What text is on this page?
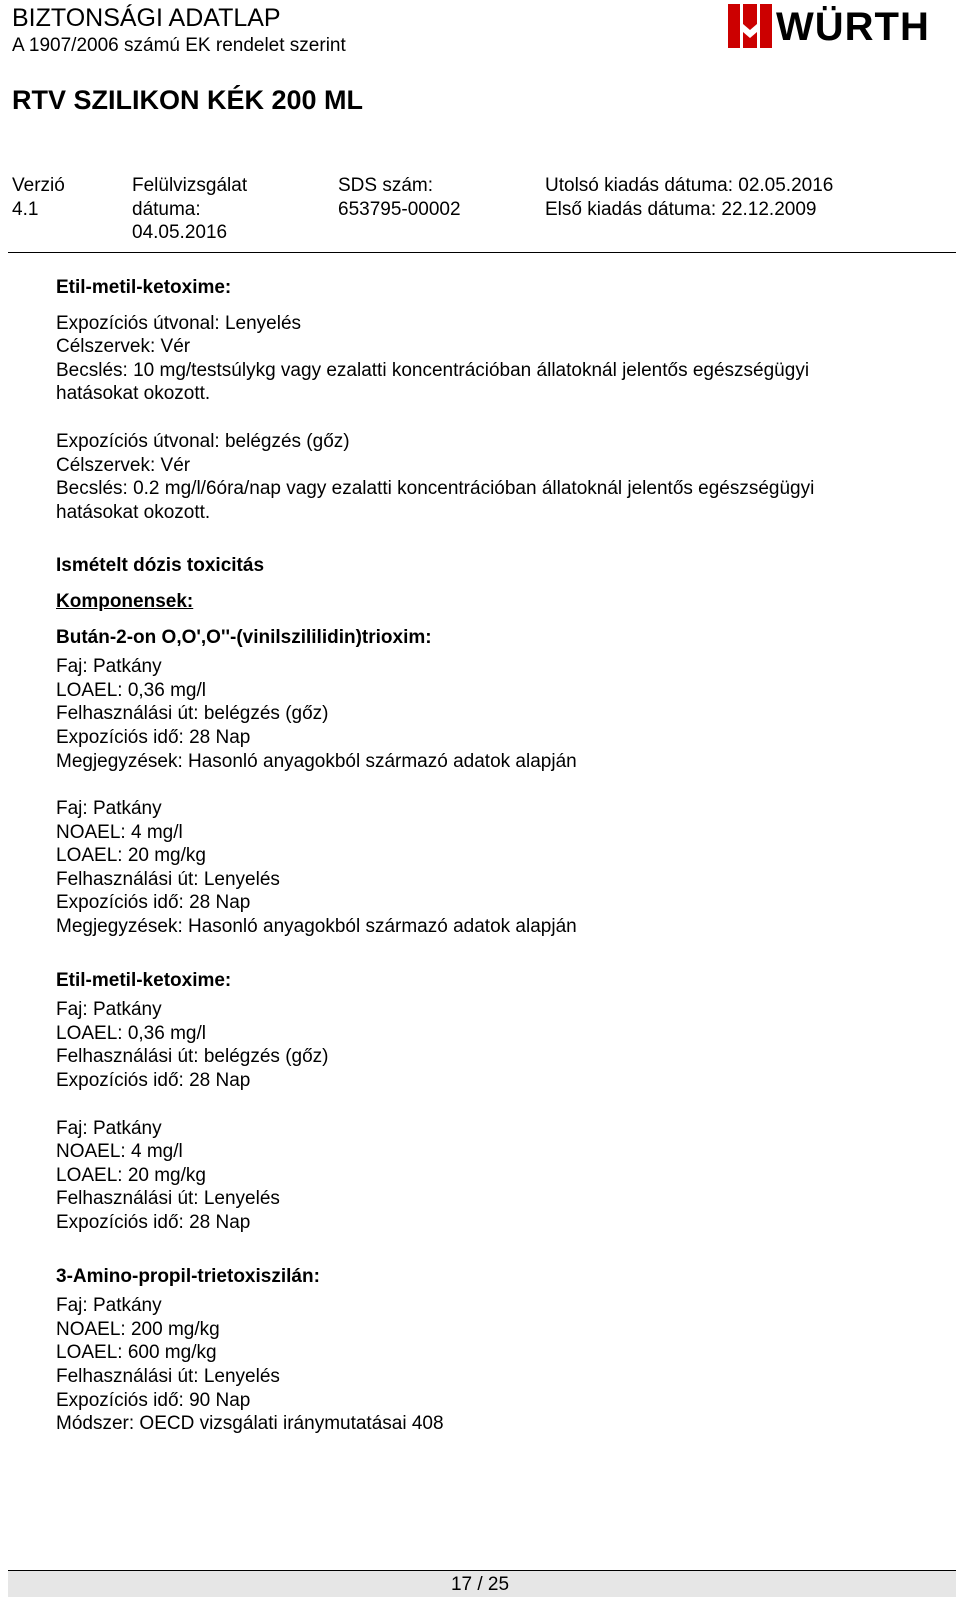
BIZTONSÁGI ADATLAP
A 1907/2006 számú EK rendelet szerint
RTV SZILIKON KÉK 200 ML
WÜRTH
Verzió
4.1
Felülvizsgálat
dátuma:
04.05.2016
SDS szám:
653795-00002
Utolsó kiadás dátuma: 02.05.2016
Első kiadás dátuma: 22.12.2009
Etil-metil-ketoxime:
Expozíciós útvonal: Lenyelés
Célszervek: Vér
Becslés: 10 mg/testsúlykg vagy ezalatti koncentrációban állatoknál jelentős egészségügyi
hatásokat okozott.
Expozíciós útvonal: belégzés (gőz)
Célszervek: Vér
Becslés: 0.2 mg/l/6óra/nap vagy ezalatti koncentrációban állatoknál jelentős egészségügyi
hatásokat okozott.
Ismételt dózis toxicitás
Komponensek:
Bután-2-on O,O',O''-(vinilszililidin)trioxim:
Faj: Patkány
LOAEL: 0,36 mg/l
Felhasználási út: belégzés (gőz)
Expozíciós idő: 28 Nap
Megjegyzések: Hasonló anyagokból származó adatok alapján
Faj: Patkány
NOAEL: 4 mg/l
LOAEL: 20 mg/kg
Felhasználási út: Lenyelés
Expozíciós idő: 28 Nap
Megjegyzések: Hasonló anyagokból származó adatok alapján
Etil-metil-ketoxime:
Faj: Patkány
LOAEL: 0,36 mg/l
Felhasználási út: belégzés (gőz)
Expozíciós idő: 28 Nap
Faj: Patkány
NOAEL: 4 mg/l
LOAEL: 20 mg/kg
Felhasználási út: Lenyelés
Expozíciós idő: 28 Nap
3-Amino-propil-trietoxiszilán:
Faj: Patkány
NOAEL: 200 mg/kg
LOAEL: 600 mg/kg
Felhasználási út: Lenyelés
Expozíciós idő: 90 Nap
Módszer: OECD vizsgálati iránymutatásai 408
17 / 25
